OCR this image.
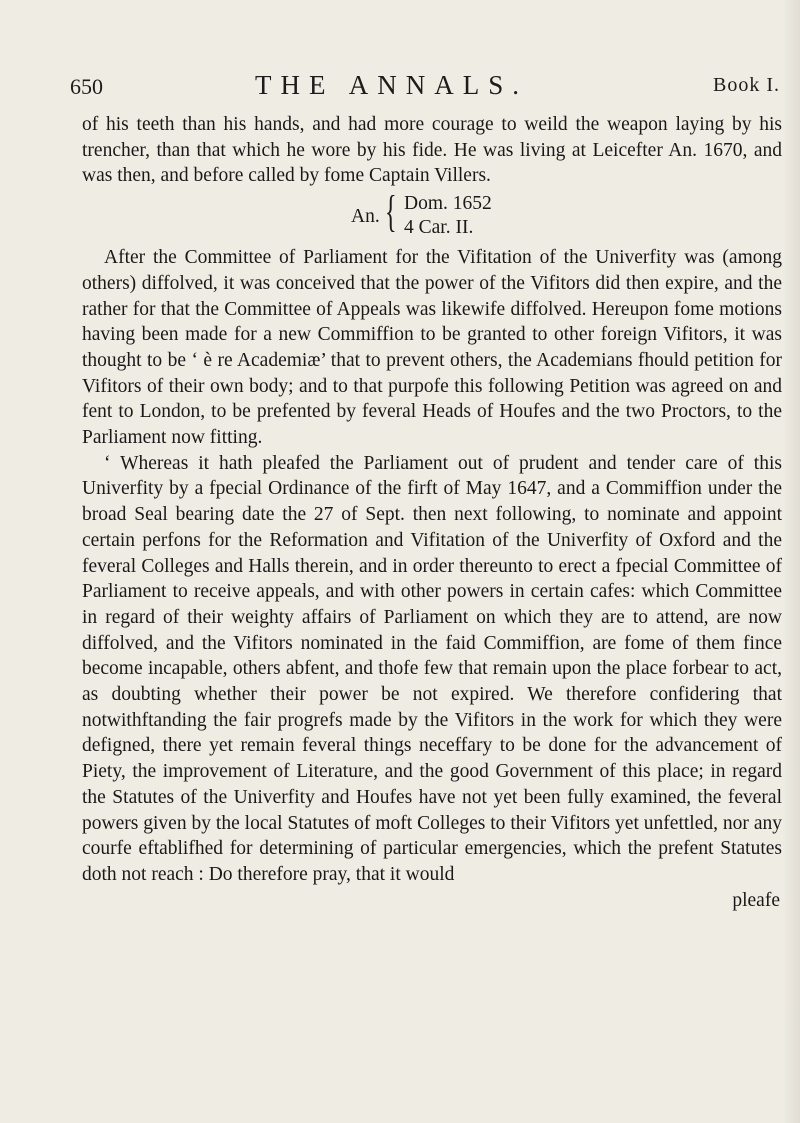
650	THE ANNALS.	Book I.

of his teeth than his hands, and had more courage to weild the weapon laying by his trencher, than that which he wore by his fide. He was living at Leicefter An. 1670, and was then, and before called by fome Captain Villers.

An. { Dom. 1652
4 Car. II.

After the Committee of Parliament for the Vifitation of the Univerfity was (among others) diffolved, it was conceived that the power of the Vifitors did then expire, and the rather for that the Committee of Appeals was likewife diffolved. Hereupon fome motions having been made for a new Commiffion to be granted to other foreign Vifitors, it was thought to be ‘ è re Academiæ’ that to prevent others, the Academians fhould petition for Vifitors of their own body; and to that purpofe this following Petition was agreed on and fent to London, to be prefented by feveral Heads of Houfes and the two Proctors, to the Parliament now fitting.

‘ Whereas it hath pleafed the Parliament out of prudent and tender care of this Univerfity by a fpecial Ordinance of the firft of May 1647, and a Commiffion under the broad Seal bearing date the 27 of Sept. then next following, to nominate and appoint certain perfons for the Reformation and Vifitation of the Univerfity of Oxford and the feveral Colleges and Halls therein, and in order thereunto to erect a fpecial Committee of Parliament to receive appeals, and with other powers in certain cafes: which Committee in regard of their weighty affairs of Parliament on which they are to attend, are now diffolved, and the Vifitors nominated in the faid Commiffion, are fome of them fince become incapable, others abfent, and thofe few that remain upon the place forbear to act, as doubting whether their power be not expired. We therefore confidering that notwithftanding the fair progrefs made by the Vifitors in the work for which they were defigned, there yet remain feveral things neceffary to be done for the advancement of Piety, the improvement of Literature, and the good Government of this place; in regard the Statutes of the Univerfity and Houfes have not yet been fully examined, the feveral powers given by the local Statutes of moft Colleges to their Vifitors yet unfettled, nor any courfe eftablifhed for determining of particular emergencies, which the prefent Statutes doth not reach : Do therefore pray, that it would

pleafe
